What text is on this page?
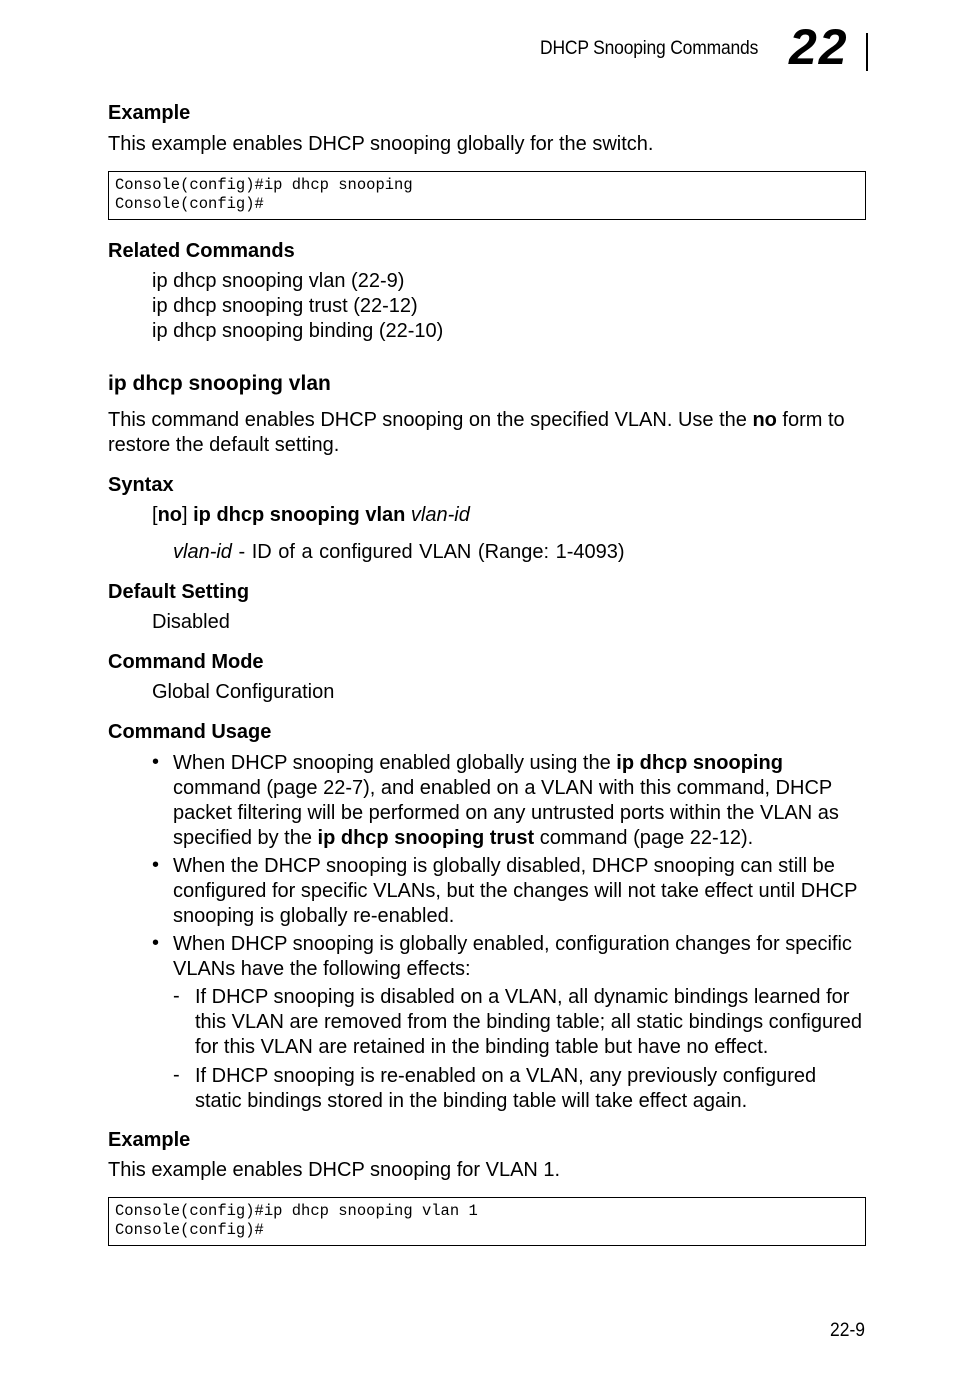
DHCP Snooping Commands 22
Example
This example enables DHCP snooping globally for the switch.
Console(config)#ip dhcp snooping
Console(config)#
Related Commands
ip dhcp snooping vlan (22-9)
ip dhcp snooping trust (22-12)
ip dhcp snooping binding (22-10)
ip dhcp snooping vlan
This command enables DHCP snooping on the specified VLAN. Use the no form to
restore the default setting.
Syntax
[no] ip dhcp snooping vlan vlan-id
vlan-id - ID of a configured VLAN (Range: 1-4093)
Default Setting
Disabled
Command Mode
Global Configuration
Command Usage
• When DHCP snooping enabled globally using the ip dhcp snooping
command (page 22-7), and enabled on a VLAN with this command, DHCP
packet filtering will be performed on any untrusted ports within the VLAN as
specified by the ip dhcp snooping trust command (page 22-12).
• When the DHCP snooping is globally disabled, DHCP snooping can still be
configured for specific VLANs, but the changes will not take effect until DHCP
snooping is globally re-enabled.
• When DHCP snooping is globally enabled, configuration changes for specific
VLANs have the following effects:
- If DHCP snooping is disabled on a VLAN, all dynamic bindings learned for
this VLAN are removed from the binding table; all static bindings configured
for this VLAN are retained in the binding table but have no effect.
- If DHCP snooping is re-enabled on a VLAN, any previously configured
static bindings stored in the binding table will take effect again.
Example
This example enables DHCP snooping for VLAN 1.
Console(config)#ip dhcp snooping vlan 1
Console(config)#
22-9
